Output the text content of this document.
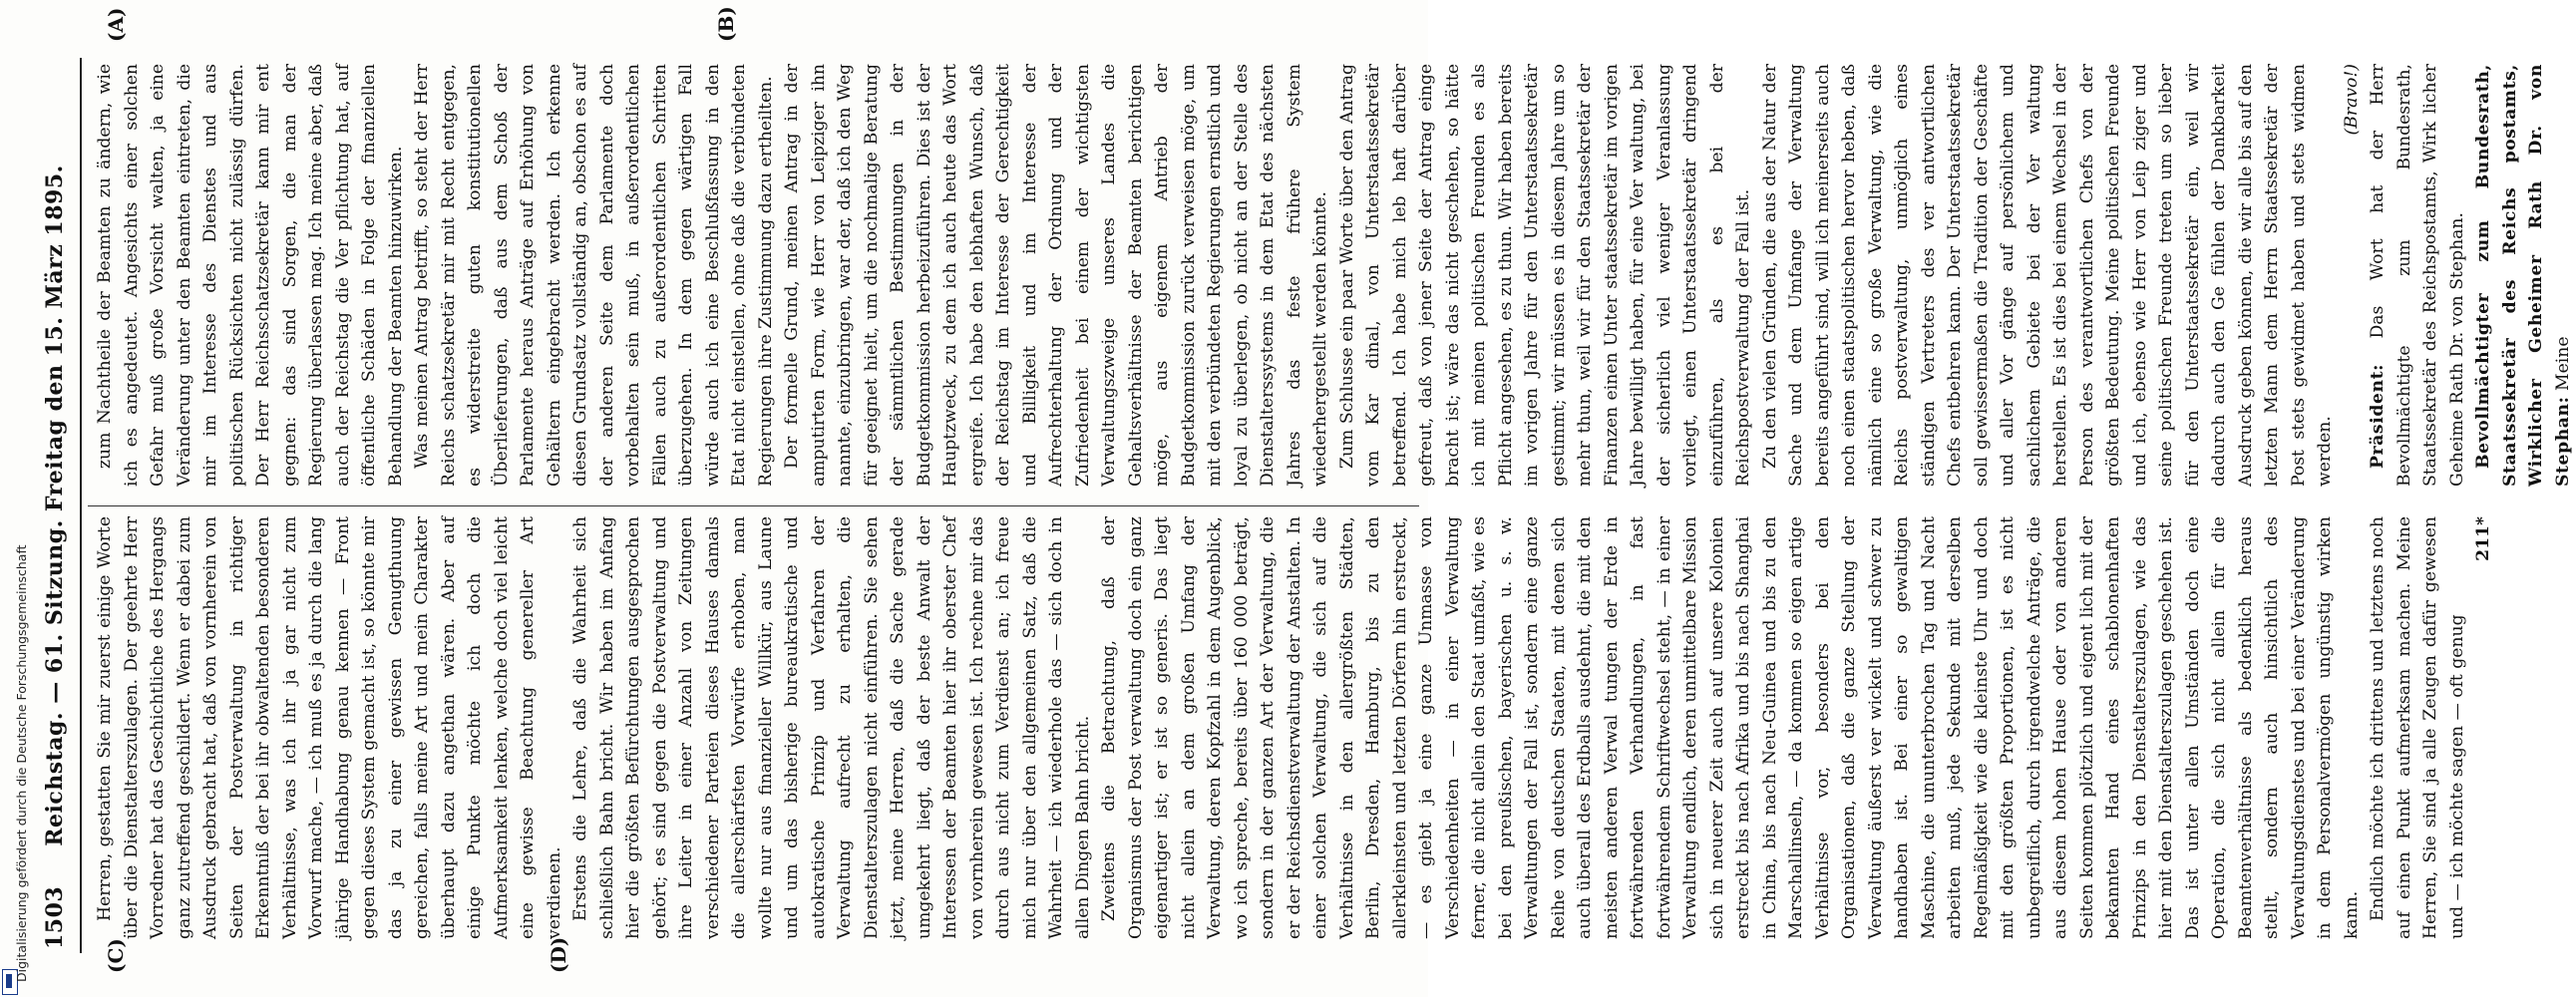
1503
Reichstag. — 61. Sitzung. Freitag den 15. März 1895.
(C)	(D)
(A)	(B)

Herren, gestatten Sie mir zuerst einige Worte über die Dienstalterszulagen. Der geehrte Herr Vorredner hat das Geschichtliche des Hergangs ganz zutreffend geschildert. Wenn er dabei zum Ausdruck gebracht hat, daß von vornherein von Seiten der Postverwaltung in richtiger Erkenntniß der bei ihr obwaltenden besonderen Verhältnisse, was ich ihr ja gar nicht zum Vorwurf mache, — ich muß es ja durch die lang jährige Handhabung genau kennen — Front gegen dieses System gemacht ist, so könnte mir das ja zu einer gewissen Genugthuung gereichen, falls meine Art und mein Charakter überhaupt dazu angethan wären. Aber auf einige Punkte möchte ich doch die Aufmerksamkeit lenken, welche doch viel leicht eine gewisse Beachtung genereller Art verdienen. Erstens die Lehre, daß die Wahrheit sich schließlich Bahn bricht. Wir haben im Anfang hier die größten Befürchtungen ausgesprochen gehört; es sind gegen die Postverwaltung und ihre Leiter in einer Anzahl von Zeitungen verschiedener Parteien dieses Hauses damals die allerschärfsten Vorwürfe erhoben, man wollte nur aus finanzieller Willkür, aus Laune und um das bisherige bureaukratische und autokratische Prinzip und Verfahren der Verwaltung aufrecht zu erhalten, die Dienstalterszulagen nicht einführen. Sie sehen jetzt, meine Herren, daß die Sache gerade umgekehrt liegt, daß der beste Anwalt der Interessen der Beamten hier ihr oberster Chef von vornherein gewesen ist. Ich rechne mir das durch aus nicht zum Verdienst an; ich freue mich nur über den allgemeinen Satz, daß die Wahrheit — ich wiederhole das — sich doch in allen Dingen Bahn bricht. Zweitens die Betrachtung, daß der Organismus der Post verwaltung doch ein ganz eigenartiger ist; er ist so generis. Das liegt nicht allein an dem großen Umfang der Verwaltung, deren Kopfzahl in dem Augenblick, wo ich spreche, bereits über 160 000 beträgt, sondern in der ganzen Art der Verwaltung, die er der Reichsdienstverwaltung der Anstalten. In einer solchen Verwaltung, die sich auf die Verhältnisse in den allergrößten Städten, Berlin, Dresden, Hamburg, bis zu den allerkleinsten und letzten Dörfern hin erstreckt, — es giebt ja eine ganze Unmasse von Verschiedenheiten — in einer Verwaltung ferner, die nicht allein den Staat umfaßt, wie es bei den preußischen, bayerischen u. s. w. Verwaltungen der Fall ist, sondern eine ganze Reihe von deutschen Staaten, mit denen sich auch überall des Erdballs ausdehnt, die mit den meisten anderen Verwal tungen der Erde in fortwährenden Verhandlungen, in fast fortwährendem Schriftwechsel steht, — in einer Verwaltung endlich, deren unmittelbare Mission sich in neuerer Zeit auch auf unsere Kolonien erstreckt bis nach Afrika und bis nach Shanghai in China, bis nach Neu-Guinea und bis zu den Marschallinseln, — da kommen so eigen artige Verhältnisse vor, besonders bei den Organisationen, daß die ganze Stellung der Verwaltung äußerst ver wickelt und schwer zu handhaben ist. Bei einer so gewaltigen Maschine, die ununterbrochen Tag und Nacht arbeiten muß, jede Sekunde mit derselben Regelmäßigkeit wie die kleinste Uhr und doch mit den größten Proportionen, ist es nicht unbegreiflich, durch irgendwelche Anträge, die aus diesem hohen Hause oder von anderen Seiten kommen plötzlich und eigent lich mit der bekannten Hand eines schablonenhaften Prinzips in den Dienstalterszulagen, wie das hier mit den Dienstalterszulagen geschehen ist. Das ist unter allen Umständen doch eine Operation, die sich nicht allein für die Beamtenverhältnisse als bedenklich heraus stellt, sondern auch hinsichtlich des Verwaltungsdienstes und bei einer Veränderung in dem Personalvermögen ungünstig wirken kann. Endlich möchte ich drittens und letztens noch auf einen Punkt aufmerksam machen. Meine Herren, Sie sind ja alle Zeugen dafür gewesen und — ich möchte sagen — oft genug

211*

zum Nachtheile der Beamten zu ändern, wie ich es angedeutet. Angesichts einer solchen Gefahr muß große Vorsicht walten, ja eine Veränderung unter den Beamten eintreten, die mir im Interesse des Dienstes und aus politischen Rücksichten nicht zulässig dürfen. Der Herr Reichsschatzsekretär kann mir ent gegnen: das sind Sorgen, die man der Regierung überlassen mag. Ich meine aber, daß auch der Reichstag die Ver pflichtung hat, auf öffentliche Schäden in Folge der finanziellen Behandlung der Beamten hinzuwirken. Was meinen Antrag betrifft, so steht der Herr Reichs schatzsekretär mir mit Recht entgegen, es widerstreite guten konstitutionellen Überlieferungen, daß aus dem Schoß der Parlamente heraus Anträge auf Erhöhung von Gehältern eingebracht werden. Ich erkenne diesen Grundsatz vollständig an, obschon es auf der anderen Seite dem Parlamente doch vorbehalten sein muß, in außerordentlichen Fällen auch zu außerordentlichen Schritten überzugehen. In dem gegen wärtigen Fall würde auch ich eine Beschlußfassung in den Etat nicht einstellen, ohne daß die verbündeten Regierungen ihre Zustimmung dazu ertheilten. Der formelle Grund, meinen Antrag in der amputirten Form, wie Herr von Leipziger ihn nannte, einzubringen, war der, daß ich den Weg für geeignet hielt, um die nochmalige Beratung der sämmtlichen Bestimmungen in der Budgetkommission herbeizuführen. Dies ist der Hauptzweck, zu dem ich auch heute das Wort ergreife. Ich habe den lebhaften Wunsch, daß der Reichstag im Interesse der Gerechtigkeit und Billigkeit und im Interesse der Aufrechterhaltung der Ordnung und der Zufriedenheit bei einem der wichtigsten Verwaltungszweige unseres Landes die Gehaltsverhältnisse der Beamten berichtigen möge, aus eigenem Antrieb der Budgetkommission zurück verweisen möge, um mit den verbündeten Regierungen ernstlich und loyal zu überlegen, ob nicht an der Stelle des Dienstalterssystems in dem Etat des nächsten Jahres das feste frühere System wiederhergestellt werden könnte. Zum Schlusse ein paar Worte über den Antrag vom Kar dinal, von Unterstaatssekretär betreffend. Ich habe mich leb haft darüber gefreut, daß von jener Seite der Antrag einge bracht ist; wäre das nicht geschehen, so hätte ich mit meinen politischen Freunden es als Pflicht angesehen, es zu thun. Wir haben bereits im vorigen Jahre für den Unterstaatssekretär gestimmt; wir müssen es in diesem Jahre um so mehr thun, weil wir für den Staatssekretär der Finanzen einen Unter staatssekretär im vorigen Jahre bewilligt haben, für eine Ver waltung, bei der sicherlich viel weniger Veranlassung vorliegt, einen Unterstaatssekretär dringend einzuführen, als es bei der Reichspostverwaltung der Fall ist. Zu den vielen Gründen, die aus der Natur der Sache und dem Umfange der Verwaltung bereits angeführt sind, will ich meinerseits auch noch einen staatspolitischen hervor heben, daß nämlich eine so große Verwaltung, wie die Reichs postverwaltung, unmöglich eines ständigen Vertreters des ver antwortlichen Chefs entbehren kann. Der Unterstaatssekretär soll gewissermaßen die Tradition der Geschäfte und aller Vor gänge auf persönlichem und sachlichem Gebiete bei der Ver waltung herstellen. Es ist dies bei einem Wechsel in der Person des verantwortlichen Chefs von der größten Bedeutung. Meine politischen Freunde und ich, ebenso wie Herr von Leip ziger und seine politischen Freunde treten um so lieber für den Unterstaatssekretär ein, weil wir dadurch auch den Ge fühlen der Dankbarkeit Ausdruck geben können, die wir alle bis auf den letzten Mann dem Herrn Staatssekretär der Post stets gewidmet haben und stets widmen werden.

(Bravo!)

Präsident: Das Wort hat der Herr Bevollmächtigte zum Bundesrath, Staatssekretär des Reichspostamts, Wirk licher Geheime Rath Dr. von Stephan. Bevollmächtigter zum Bundesrath, Staatssekretär des Reichs postamts, Wirklicher Geheimer Rath Dr. von Stephan: Meine

Digitalisierung gefördert durch die Deutsche Forschungsgemeinschaft
